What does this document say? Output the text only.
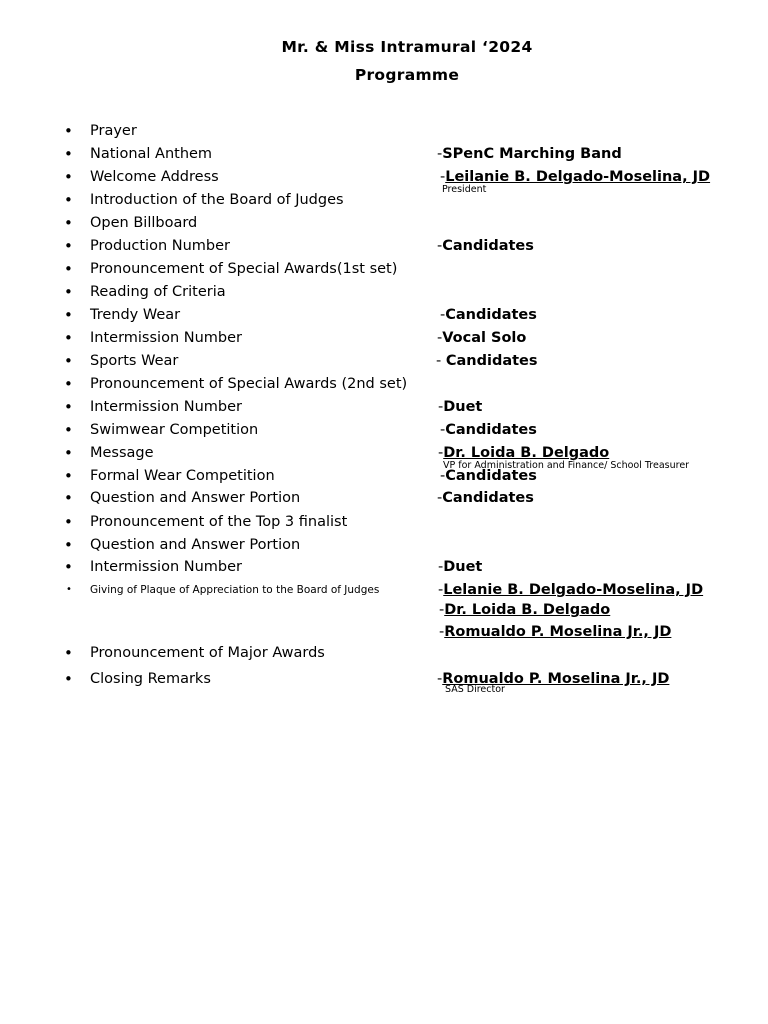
Mr. & Miss Intramural ‘2024
Programme
• Prayer
• National Anthem	-SPenC Marching Band
• Welcome Address	-Leilanie B. Delgado-Moselina, JD
President
• Introduction of the Board of Judges
• Open Billboard
• Production Number	-Candidates
• Pronouncement of Special Awards(1st set)
• Reading of Criteria
• Trendy Wear	-Candidates
• Intermission Number	-Vocal Solo
• Sports Wear	- Candidates
• Pronouncement of Special Awards (2nd set)
• Intermission Number	-Duet
• Swimwear Competition	-Candidates
• Message	-Dr. Loida B. Delgado
VP for Administration and Finance/ School Treasurer
• Formal Wear Competition	-Candidates
• Question and Answer Portion	-Candidates
• Pronouncement of the Top 3 finalist
• Question and Answer Portion
• Intermission Number	-Duet
• Giving of Plaque of Appreciation to the Board of Judges	-Lelanie B. Delgado-Moselina, JD
-Dr. Loida B. Delgado
-Romualdo P. Moselina Jr., JD
• Pronouncement of Major Awards
• Closing Remarks	-Romualdo P. Moselina Jr., JD
SAS Director
